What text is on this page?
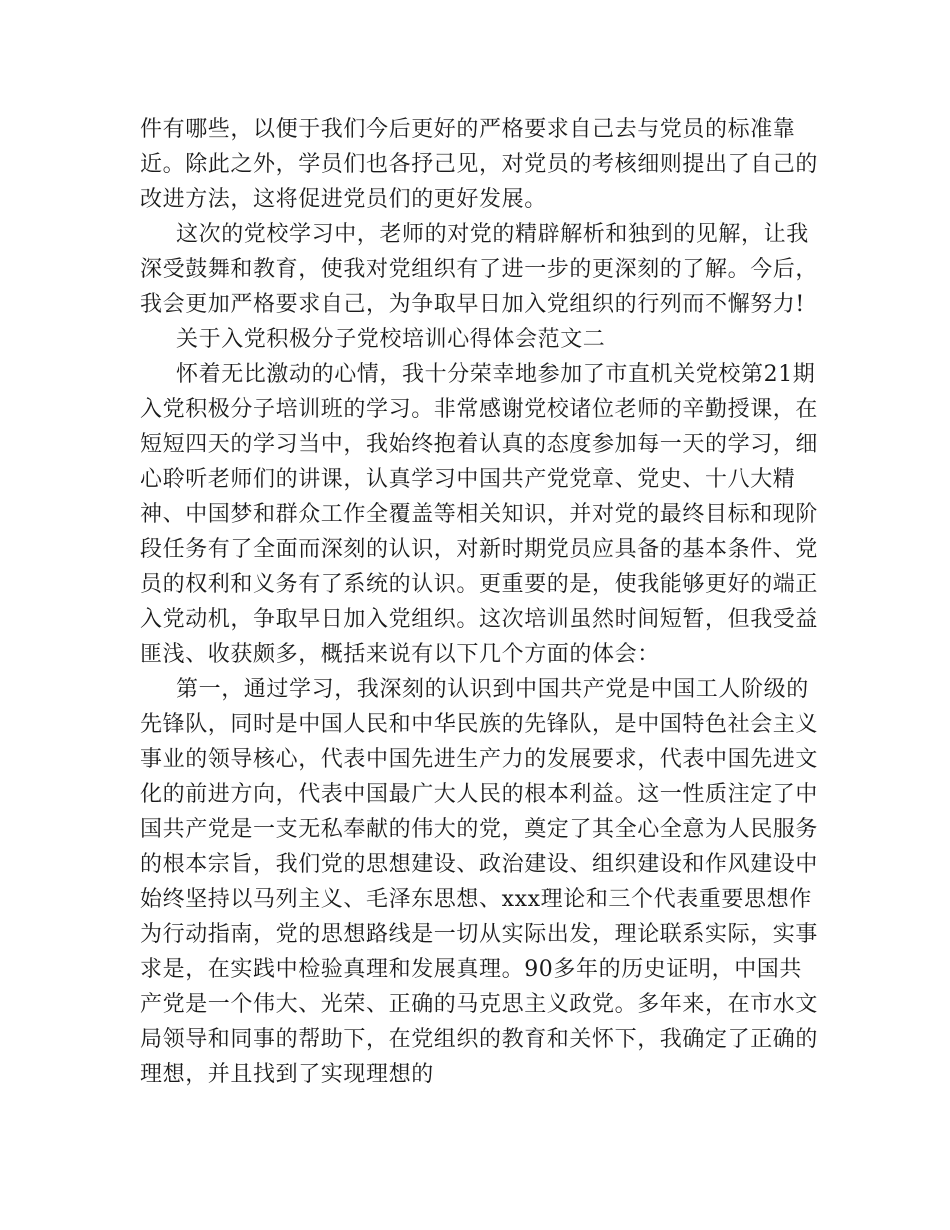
件有哪些，以便于我们今后更好的严格要求自己去与党员的标准靠近。除此之外，学员们也各抒己见，对党员的考核细则提出了自己的改进方法，这将促进党员们的更好发展。

这次的党校学习中，老师的对党的精辟解析和独到的见解，让我深受鼓舞和教育，使我对党组织有了进一步的更深刻的了解。今后，我会更加严格要求自己，为争取早日加入党组织的行列而不懈努力!

关于入党积极分子党校培训心得体会范文二

怀着无比激动的心情，我十分荣幸地参加了市直机关党校第21期入党积极分子培训班的学习。非常感谢党校诸位老师的辛勤授课，在短短四天的学习当中，我始终抱着认真的态度参加每一天的学习，细心聆听老师们的讲课，认真学习中国共产党党章、党史、十八大精神、中国梦和群众工作全覆盖等相关知识，并对党的最终目标和现阶段任务有了全面而深刻的认识，对新时期党员应具备的基本条件、党员的权利和义务有了系统的认识。更重要的是，使我能够更好的端正入党动机，争取早日加入党组织。这次培训虽然时间短暂，但我受益匪浅、收获颇多，概括来说有以下几个方面的体会：

第一，通过学习，我深刻的认识到中国共产党是中国工人阶级的先锋队，同时是中国人民和中华民族的先锋队，是中国特色社会主义事业的领导核心，代表中国先进生产力的发展要求，代表中国先进文化的前进方向，代表中国最广大人民的根本利益。这一性质注定了中国共产党是一支无私奉献的伟大的党，奠定了其全心全意为人民服务的根本宗旨，我们党的思想建设、政治建设、组织建设和作风建设中始终坚持以马列主义、毛泽东思想、xxx理论和三个代表重要思想作为行动指南，党的思想路线是一切从实际出发，理论联系实际，实事求是，在实践中检验真理和发展真理。90多年的历史证明，中国共产党是一个伟大、光荣、正确的马克思主义政党。多年来，在市水文局领导和同事的帮助下，在党组织的教育和关怀下，我确定了正确的理想，并且找到了实现理想的
